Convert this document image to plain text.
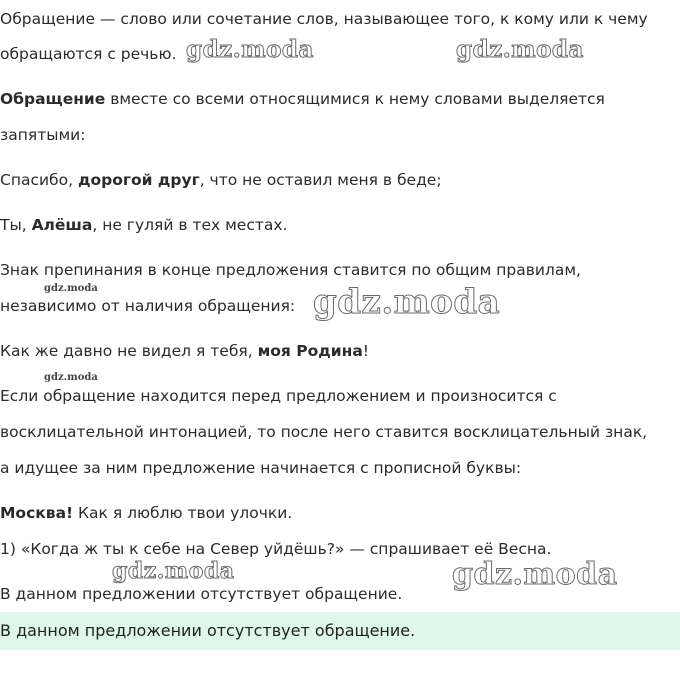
Обращение — слово или сочетание слов, называющее того, к кому или к чему
обращаются с речью.
Обращение вместе со всеми относящимися к нему словами выделяется
запятыми:
Спасибо, дорогой друг, что не оставил меня в беде;
Ты, Алёша, не гуляй в тех местах.
Знак препинания в конце предложения ставится по общим правилам,
независимо от наличия обращения:
Как же давно не видел я тебя, моя Родина!
Если обращение находится перед предложением и произносится с
восклицательной интонацией, то после него ставится восклицательный знак,
а идущее за ним предложение начинается с прописной буквы:
Москва! Как я люблю твои улочки.
1) «Когда ж ты к себе на Север уйдёшь?» — спрашивает её Весна.
В данном предложении отсутствует обращение.
В данном предложении отсутствует обращение.
gdz.moda	gdz.moda
gdz.moda	gdz.moda
gdz.moda
gdz.moda	gdz.moda
